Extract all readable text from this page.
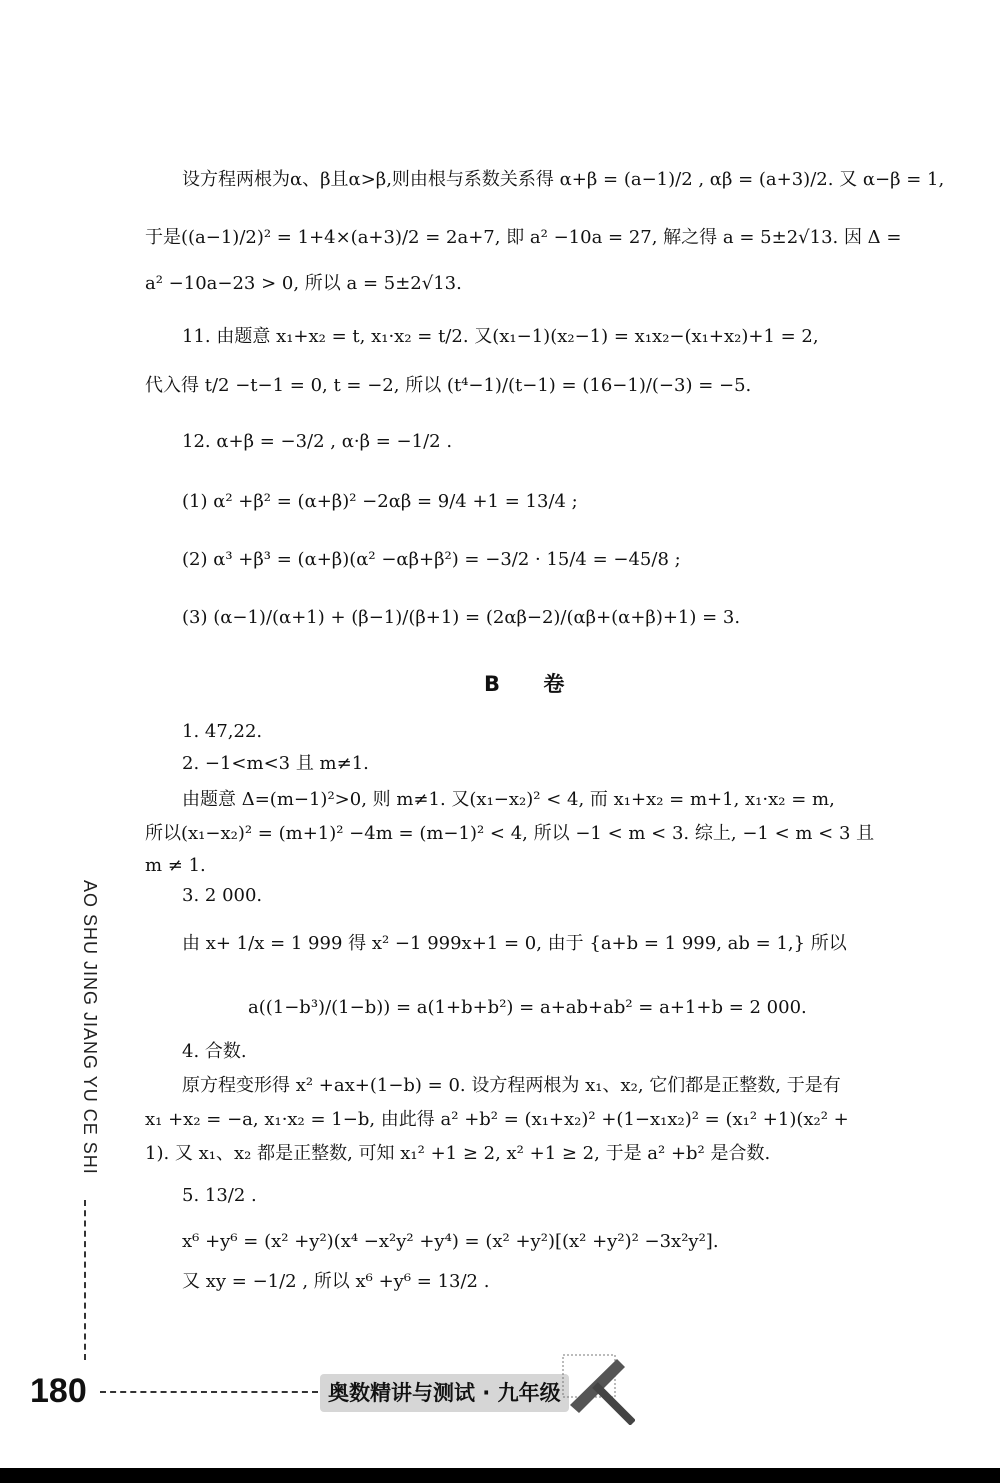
设方程两根为α、β且α>β,则由根与系数关系得 α+β = (a−1)/2 , αβ = (a+3)/2. 又 α−β = 1,
于是((a−1)/2)² = 1+4×(a+3)/2 = 2a+7, 即 a² −10a = 27, 解之得 a = 5±2√13. 因 Δ =
a² −10a−23 > 0, 所以 a = 5±2√13.
11. 由题意 x₁+x₂ = t, x₁·x₂ = t/2. 又(x₁−1)(x₂−1) = x₁x₂−(x₁+x₂)+1 = 2,
代入得 t/2 −t−1 = 0, t = −2, 所以 (t⁴−1)/(t−1) = (16−1)/(−3) = −5.
12. α+β = −3/2 , α·β = −1/2 .
(1) α² +β² = (α+β)² −2αβ = 9/4 +1 = 13/4 ;
(2) α³ +β³ = (α+β)(α² −αβ+β²) = −3/2 · 15/4 = −45/8 ;
(3) (α−1)/(α+1) + (β−1)/(β+1) = (2αβ−2)/(αβ+(α+β)+1) = 3.
1. 47,22.
2. −1<m<3 且 m≠1.
由题意 Δ=(m−1)²>0, 则 m≠1. 又(x₁−x₂)² < 4, 而 x₁+x₂ = m+1, x₁·x₂ = m,
所以(x₁−x₂)² = (m+1)² −4m = (m−1)² < 4, 所以 −1 < m < 3. 综上, −1 < m < 3 且
m ≠ 1.
3. 2 000.
由 x+ 1/x = 1 999 得 x² −1 999x+1 = 0, 由于 {a+b = 1 999, ab = 1,} 所以
a((1−b³)/(1−b)) = a(1+b+b²) = a+ab+ab² = a+1+b = 2 000.
4. 合数.
原方程变形得 x² +ax+(1−b) = 0. 设方程两根为 x₁、x₂, 它们都是正整数, 于是有
x₁ +x₂ = −a, x₁·x₂ = 1−b, 由此得 a² +b² = (x₁+x₂)² +(1−x₁x₂)² = (x₁² +1)(x₂² +
1). 又 x₁、x₂ 都是正整数, 可知 x₁² +1 ≥ 2, x² +1 ≥ 2, 于是 a² +b² 是合数.
5. 13/2 .
x⁶ +y⁶ = (x² +y²)(x⁴ −x²y² +y⁴) = (x² +y²)[(x² +y²)² −3x²y²].
又 xy = −1/2 , 所以 x⁶ +y⁶ = 13/2 .
B 卷
AO SHU JING JIANG YU CE SHI
180	奥数精讲与测试 · 九年级
